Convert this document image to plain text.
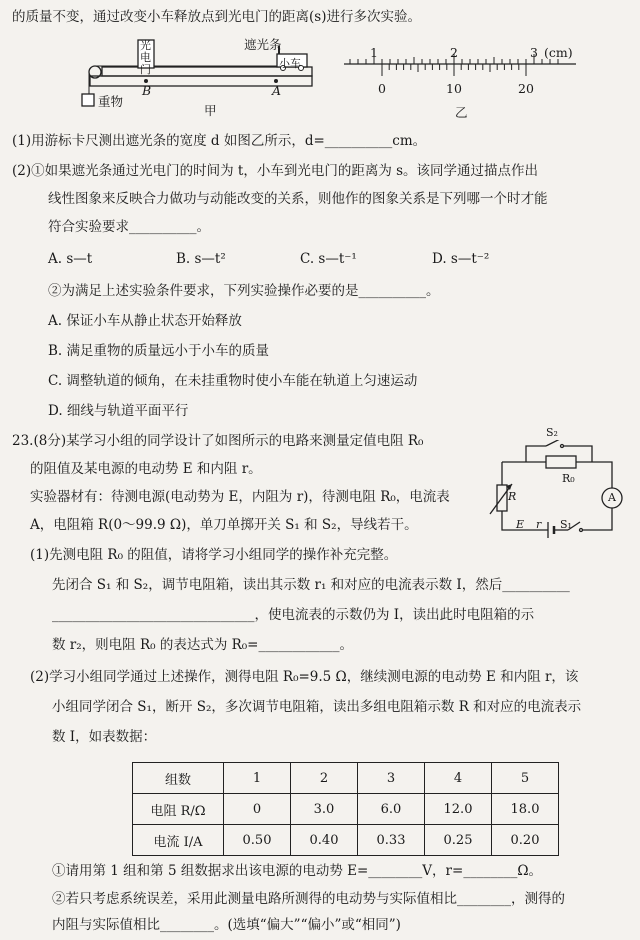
的质量不变，通过改变小车释放点到光电门的距离(s)进行多次实验。
光
电
门
遮光条
小车
重物
B	A
甲
1	2	3 (cm)
0	10	20
乙
(1)用游标卡尺测出遮光条的宽度 d 如图乙所示，d=__________cm。
(2)①如果遮光条通过光电门的时间为 t，小车到光电门的距离为 s。该同学通过描点作出
线性图象来反映合力做功与动能改变的关系，则他作的图象关系是下列哪一个时才能
符合实验要求__________。
A. s—t	B. s—t²	C. s—t⁻¹	D. s—t⁻²
②为满足上述实验条件要求，下列实验操作必要的是__________。
A. 保证小车从静止状态开始释放
B. 满足重物的质量远小于小车的质量
C. 调整轨道的倾角，在未挂重物时使小车能在轨道上匀速运动
D. 细线与轨道平面平行
23.(8分)某学习小组的同学设计了如图所示的电路来测量定值电阻 R₀
的阻值及某电源的电动势 E 和内阻 r。
实验器材有：待测电源(电动势为 E，内阻为 r)，待测电阻 R₀，电流表
A，电阻箱 R(0～99.9 Ω)，单刀单掷开关 S₁ 和 S₂，导线若干。
S₂
R₀
R	A
E r S₁
(1)先测电阻 R₀ 的阻值，请将学习小组同学的操作补充完整。
先闭合 S₁ 和 S₂，调节电阻箱，读出其示数 r₁ 和对应的电流表示数 I，然后__________
______________________________，使电流表的示数仍为 I，读出此时电阻箱的示
数 r₂，则电阻 R₀ 的表达式为 R₀=____________。
(2)学习小组同学通过上述操作，测得电阻 R₀=9.5 Ω，继续测电源的电动势 E 和内阻 r，该
小组同学闭合 S₁，断开 S₂，多次调节电阻箱，读出多组电阻箱示数 R 和对应的电流表示
数 I，如表数据：
组数	1	2	3	4	5
电阻 R/Ω	0	3.0	6.0	12.0	18.0
电流 I/A	0.50	0.40	0.33	0.25	0.20
①请用第 1 组和第 5 组数据求出该电源的电动势 E=________V，r=________Ω。
②若只考虑系统误差，采用此测量电路所测得的电动势与实际值相比________，测得的
内阻与实际值相比________。(选填“偏大”“偏小”或“相同”)
